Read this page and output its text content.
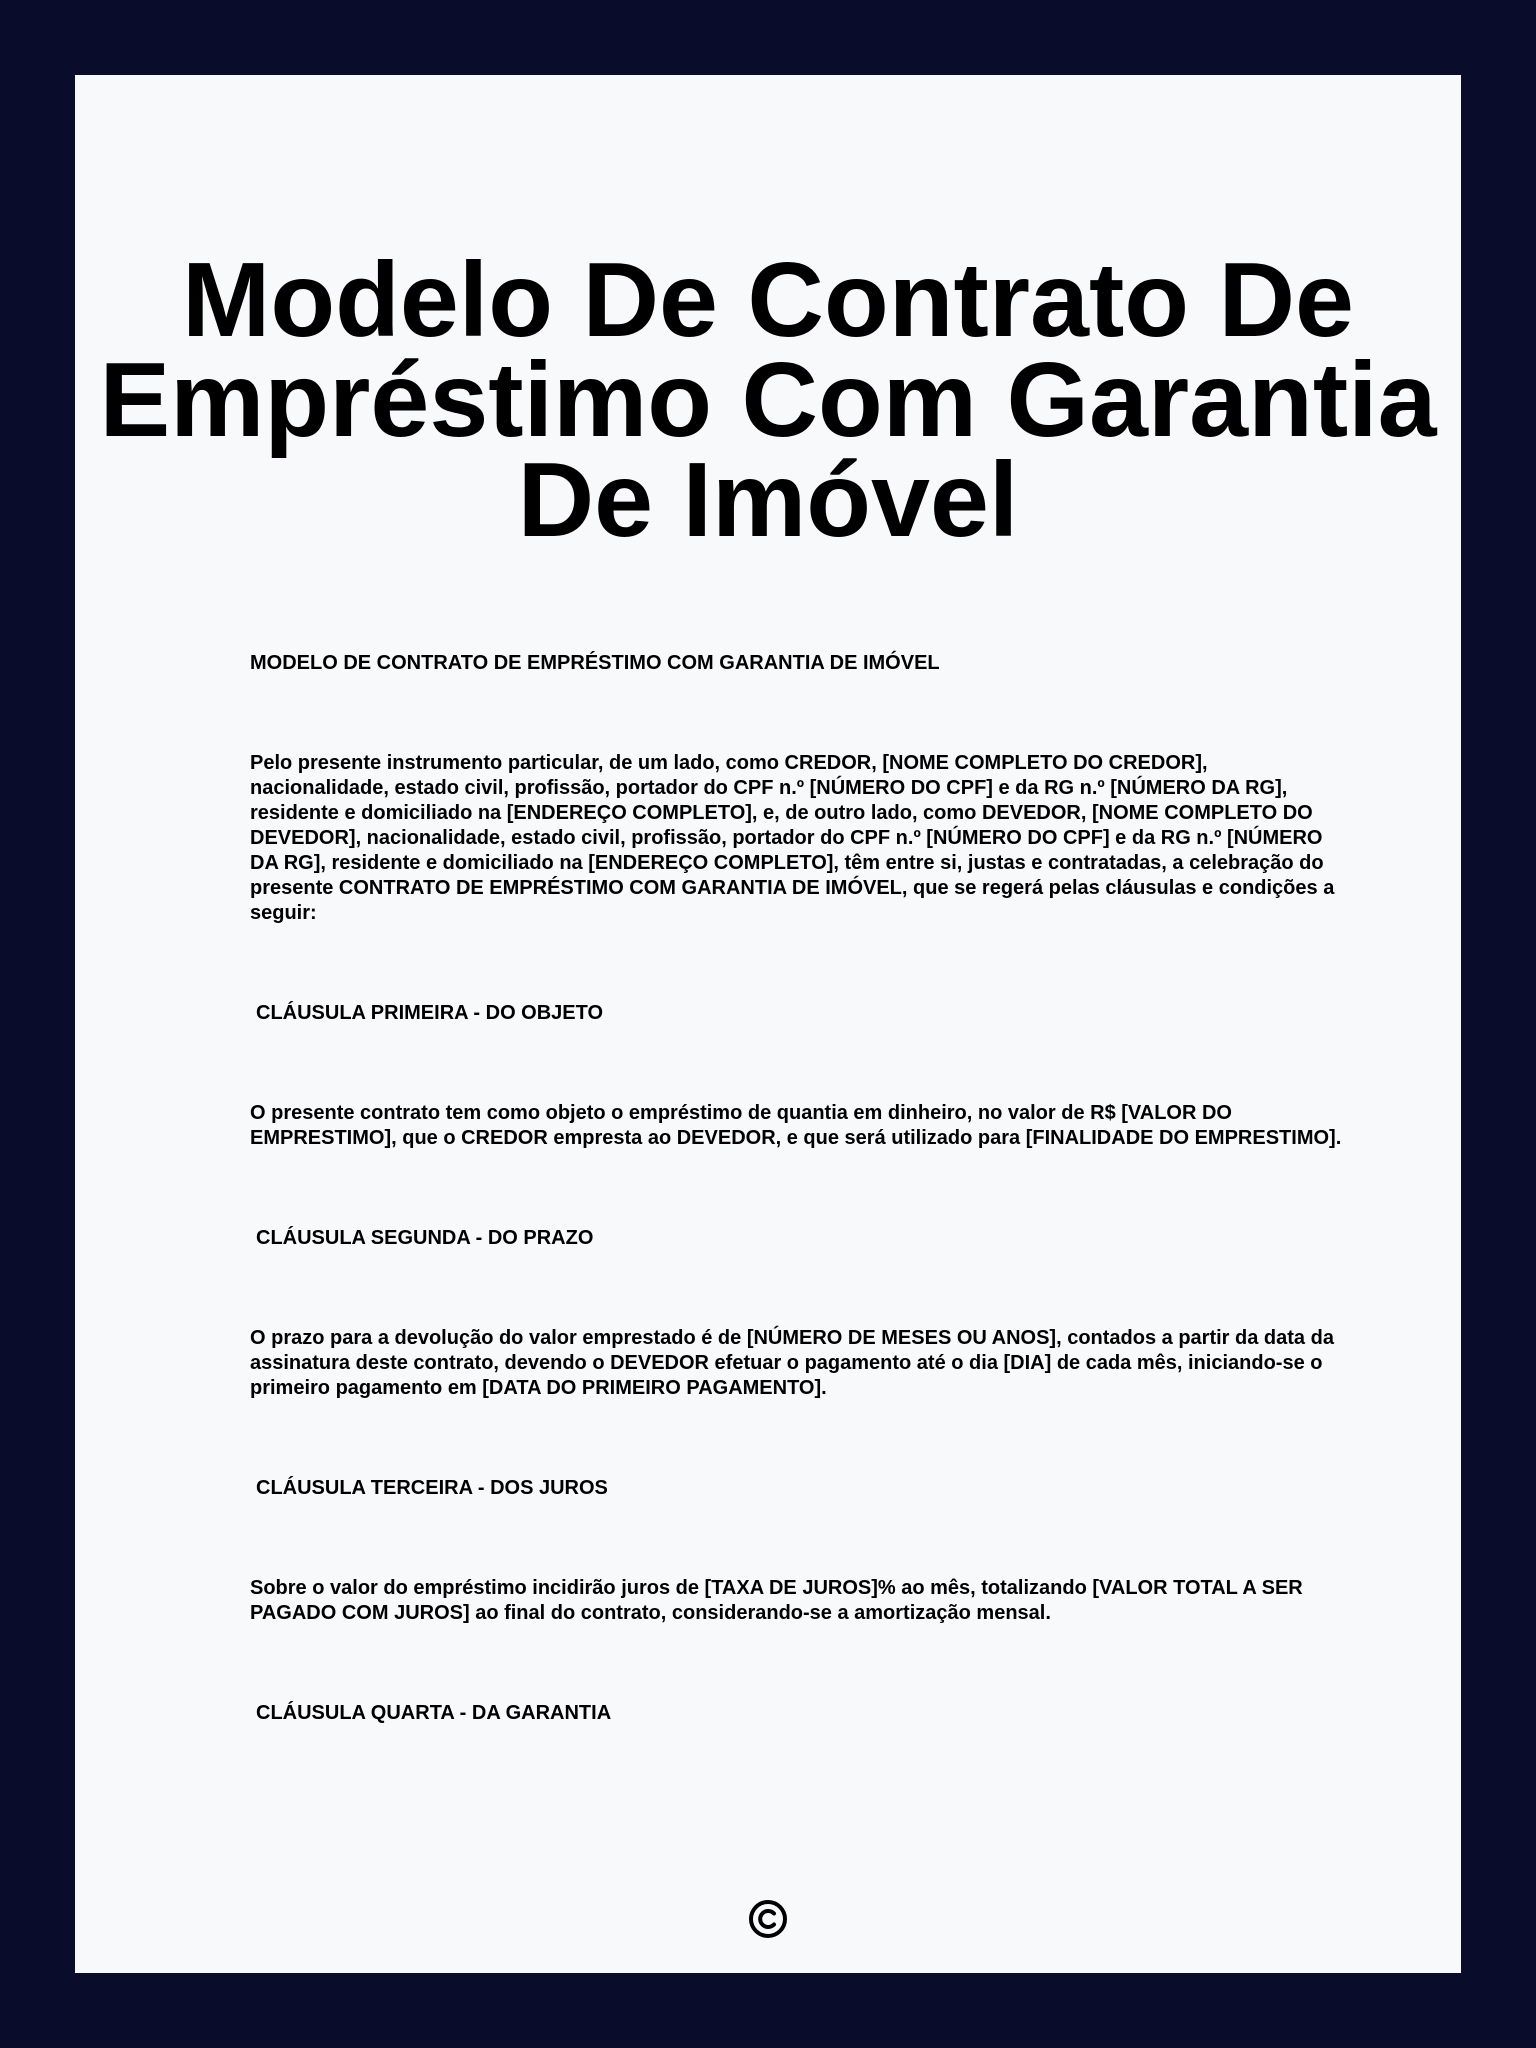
Modelo De Contrato De Empréstimo Com Garantia De Imóvel

MODELO DE CONTRATO DE EMPRÉSTIMO COM GARANTIA DE IMÓVEL

Pelo presente instrumento particular, de um lado, como CREDOR, [NOME COMPLETO DO CREDOR], nacionalidade, estado civil, profissão, portador do CPF n.º [NÚMERO DO CPF] e da RG n.º [NÚMERO DA RG], residente e domiciliado na [ENDEREÇO COMPLETO], e, de outro lado, como DEVEDOR, [NOME COMPLETO DO DEVEDOR], nacionalidade, estado civil, profissão, portador do CPF n.º [NÚMERO DO CPF] e da RG n.º [NÚMERO DA RG], residente e domiciliado na [ENDEREÇO COMPLETO], têm entre si, justas e contratadas, a celebração do presente CONTRATO DE EMPRÉSTIMO COM GARANTIA DE IMÓVEL, que se regerá pelas cláusulas e condições a seguir:

CLÁUSULA PRIMEIRA - DO OBJETO

O presente contrato tem como objeto o empréstimo de quantia em dinheiro, no valor de R$ [VALOR DO EMPRESTIMO], que o CREDOR empresta ao DEVEDOR, e que será utilizado para [FINALIDADE DO EMPRESTIMO].

CLÁUSULA SEGUNDA - DO PRAZO

O prazo para a devolução do valor emprestado é de [NÚMERO DE MESES OU ANOS], contados a partir da data da assinatura deste contrato, devendo o DEVEDOR efetuar o pagamento até o dia [DIA] de cada mês, iniciando-se o primeiro pagamento em [DATA DO PRIMEIRO PAGAMENTO].

CLÁUSULA TERCEIRA - DOS JUROS

Sobre o valor do empréstimo incidirão juros de [TAXA DE JUROS]% ao mês, totalizando [VALOR TOTAL A SER PAGADO COM JUROS] ao final do contrato, considerando-se a amortização mensal.

CLÁUSULA QUARTA - DA GARANTIA
